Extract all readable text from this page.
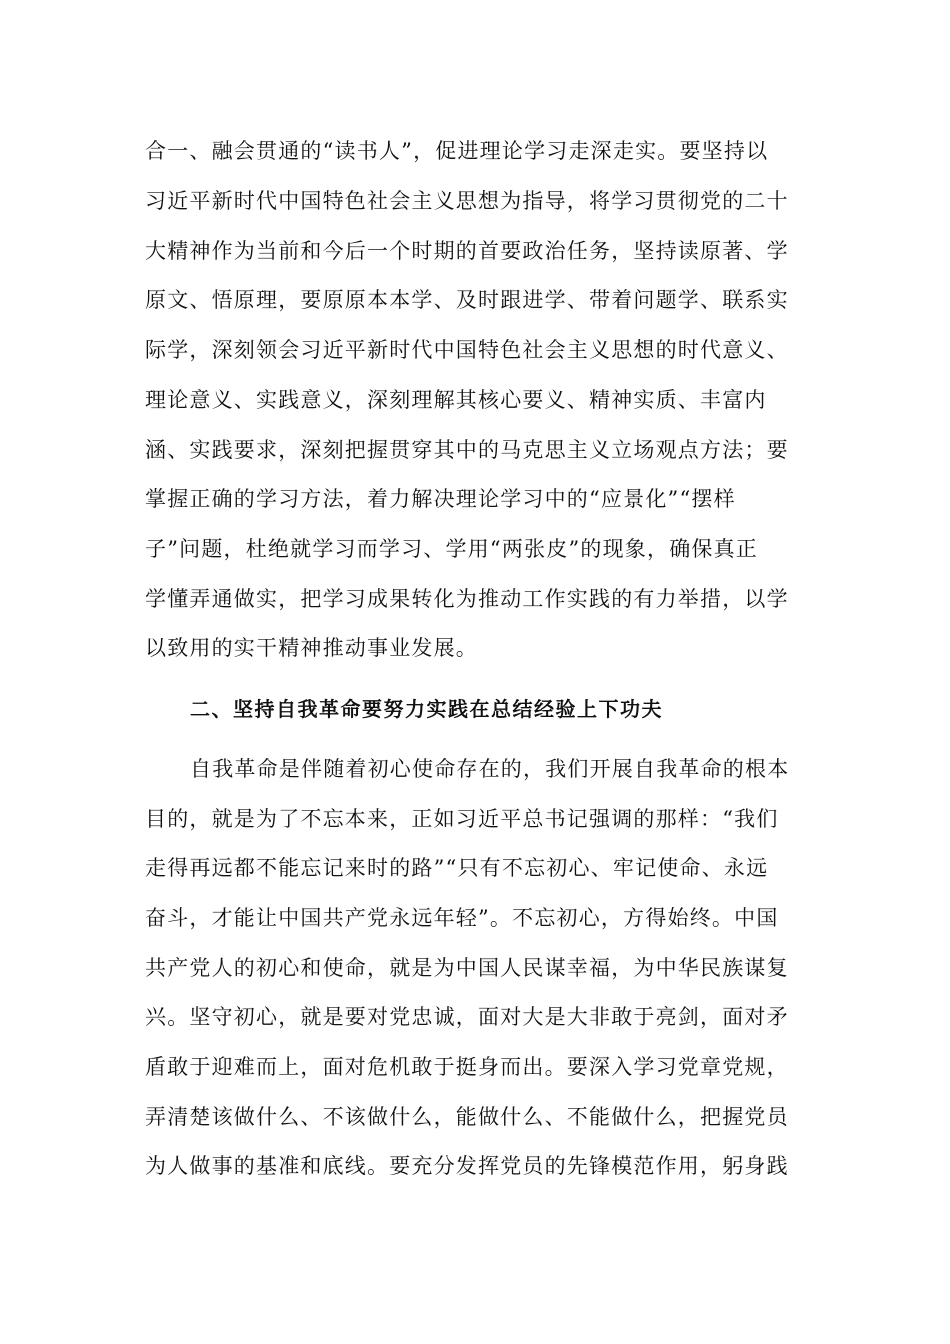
合一、融会贯通的“读书人”，促进理论学习走深走实。要坚持以
习近平新时代中国特色社会主义思想为指导，将学习贯彻党的二十
大精神作为当前和今后一个时期的首要政治任务，坚持读原著、学
原文、悟原理，要原原本本学、及时跟进学、带着问题学、联系实
际学，深刻领会习近平新时代中国特色社会主义思想的时代意义、
理论意义、实践意义，深刻理解其核心要义、精神实质、丰富内
涵、实践要求，深刻把握贯穿其中的马克思主义立场观点方法；要
掌握正确的学习方法，着力解决理论学习中的“应景化”“摆样
子”问题，杜绝就学习而学习、学用“两张皮”的现象，确保真正
学懂弄通做实，把学习成果转化为推动工作实践的有力举措，以学
以致用的实干精神推动事业发展。
二、坚持自我革命要努力实践在总结经验上下功夫
自我革命是伴随着初心使命存在的，我们开展自我革命的根本
目的，就是为了不忘本来，正如习近平总书记强调的那样：“我们
走得再远都不能忘记来时的路”“只有不忘初心、牢记使命、永远
奋斗，才能让中国共产党永远年轻”。不忘初心，方得始终。中国
共产党人的初心和使命，就是为中国人民谋幸福，为中华民族谋复
兴。坚守初心，就是要对党忠诚，面对大是大非敢于亮剑，面对矛
盾敢于迎难而上，面对危机敢于挺身而出。要深入学习党章党规，
弄清楚该做什么、不该做什么，能做什么、不能做什么，把握党员
为人做事的基准和底线。要充分发挥党员的先锋模范作用，躬身践
